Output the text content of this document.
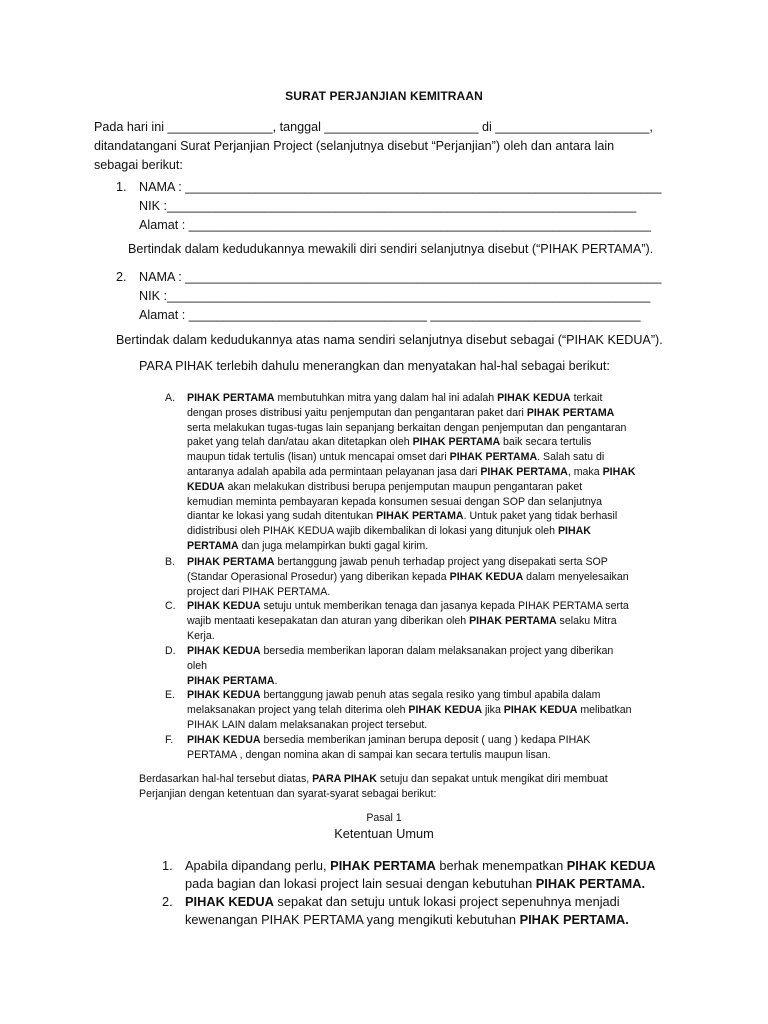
SURAT PERJANJIAN KEMITRAAN
Pada hari ini _______________, tanggal ______________________ di ______________________,
ditandatangani Surat Perjanjian Project (selanjutnya disebut “Perjanjian”) oleh dan antara lain
sebagai berikut:
1. NAMA : ____________________________________________________________________
NIK :___________________________________________________________________
Alamat : __________________________________________________________________
Bertindak dalam kedudukannya mewakili diri sendiri selanjutnya disebut (“PIHAK PERTAMA”).
2. NAMA : ____________________________________________________________________
NIK :_____________________________________________________________________
Alamat : __________________________________ ______________________________
Bertindak dalam kedudukannya atas nama sendiri selanjutnya disebut sebagai (“PIHAK KEDUA”).
PARA PIHAK terlebih dahulu menerangkan dan menyatakan hal-hal sebagai berikut:
A.	PIHAK PERTAMA membutuhkan mitra yang dalam hal ini adalah PIHAK KEDUA terkait
dengan proses distribusi yaitu penjemputan dan pengantaran paket dari PIHAK PERTAMA
serta melakukan tugas-tugas lain sepanjang berkaitan dengan penjemputan dan pengantaran
paket yang telah dan/atau akan ditetapkan oleh PIHAK PERTAMA baik secara tertulis
maupun tidak tertulis (lisan) untuk mencapai omset dari PIHAK PERTAMA. Salah satu di
antaranya adalah apabila ada permintaan pelayanan jasa dari PIHAK PERTAMA, maka PIHAK
KEDUA akan melakukan distribusi berupa penjemputan maupun pengantaran paket
kemudian meminta pembayaran kepada konsumen sesuai dengan SOP dan selanjutnya
diantar ke lokasi yang sudah ditentukan PIHAK PERTAMA. Untuk paket yang tidak berhasil
didistribusi oleh PIHAK KEDUA wajib dikembalikan di lokasi yang ditunjuk oleh PIHAK
PERTAMA dan juga melampirkan bukti gagal kirim.
B.	PIHAK PERTAMA bertanggung jawab penuh terhadap project yang disepakati serta SOP
(Standar Operasional Prosedur) yang diberikan kepada PIHAK KEDUA dalam menyelesaikan
project dari PIHAK PERTAMA.
C.	PIHAK KEDUA setuju untuk memberikan tenaga dan jasanya kepada PIHAK PERTAMA serta
wajib mentaati kesepakatan dan aturan yang diberikan oleh PIHAK PERTAMA selaku Mitra
Kerja.
D.	PIHAK KEDUA bersedia memberikan laporan dalam melaksanakan project yang diberikan
oleh
PIHAK PERTAMA.
E.	PIHAK KEDUA bertanggung jawab penuh atas segala resiko yang timbul apabila dalam
melaksanakan project yang telah diterima oleh PIHAK KEDUA jika PIHAK KEDUA melibatkan
PIHAK LAIN dalam melaksanakan project tersebut.
F.	PIHAK KEDUA bersedia memberikan jaminan berupa deposit ( uang ) kedapa PIHAK
PERTAMA , dengan nomina akan di sampai kan secara tertulis maupun lisan.
Berdasarkan hal-hal tersebut diatas, PARA PIHAK setuju dan sepakat untuk mengikat diri membuat
Perjanjian dengan ketentuan dan syarat-syarat sebagai berikut:
Pasal 1
Ketentuan Umum
1. Apabila dipandang perlu, PIHAK PERTAMA berhak menempatkan PIHAK KEDUA
pada bagian dan lokasi project lain sesuai dengan kebutuhan PIHAK PERTAMA.
2. PIHAK KEDUA sepakat dan setuju untuk lokasi project sepenuhnya menjadi
kewenangan PIHAK PERTAMA yang mengikuti kebutuhan PIHAK PERTAMA.
